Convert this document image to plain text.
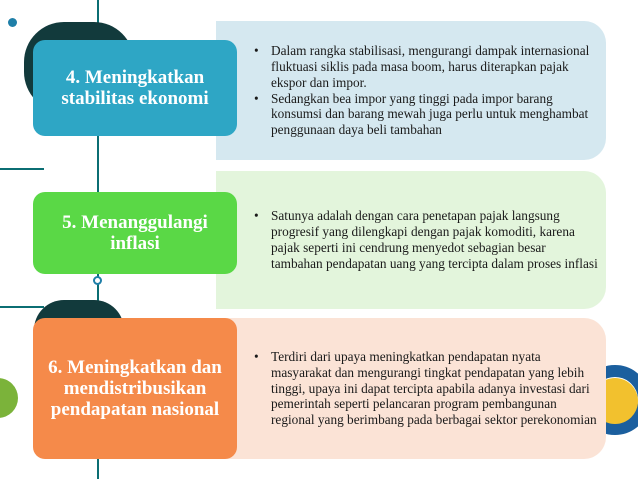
• Dalam rangka stabilisasi, mengurangi dampak internasional fluktuasi siklis pada masa boom, harus diterapkan pajak ekspor dan impor.
• Sedangkan bea impor yang tinggi pada impor barang konsumsi dan barang mewah juga perlu untuk menghambat penggunaan daya beli tambahan
4. Meningkatkan stabilitas ekonomi
• Satunya adalah dengan cara penetapan pajak langsung progresif yang dilengkapi dengan pajak komoditi, karena pajak seperti ini cendrung menyedot sebagian besar tambahan pendapatan uang yang tercipta dalam proses inflasi
5. Menanggulangi inflasi
• Terdiri dari upaya meningkatkan pendapatan nyata masyarakat dan mengurangi tingkat pendapatan yang lebih tinggi, upaya ini dapat tercipta apabila adanya investasi dari pemerintah seperti pelancaran program pembangunan regional yang berimbang pada berbagai sektor perekonomian
6. Meningkatkan dan mendistribusikan pendapatan nasional
